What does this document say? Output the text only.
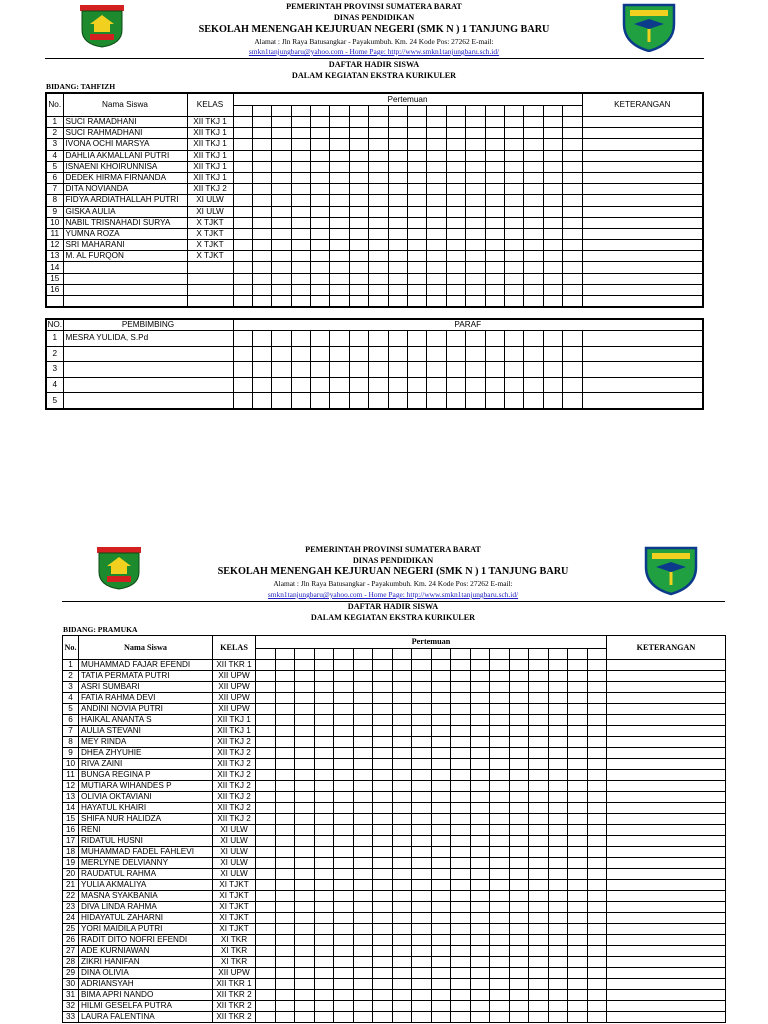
PEMERINTAH PROVINSI SUMATERA BARAT
DINAS PENDIDIKAN
SEKOLAH MENENGAH KEJURUAN NEGERI (SMK N ) 1 TANJUNG BARU
Alamat : Jln Raya Batusangkar - Payakumbuh. Km. 24 Kode Pos: 27262 E-mail:
smkn1tanjungbaru@yahoo.com - Home Page: http://www.smkn1tanjungbaru.sch.id/
DAFTAR HADIR SISWA
DALAM KEGIATAN EKSTRA KURIKULER
BIDANG: TAHFIZH
No.	Nama Siswa	KELAS	Pertemuan																		KETERANGAN

1	SUCI RAMADHANI	XII TKJ 1																			
2	SUCI RAHMADHANI	XII TKJ 1																			
3	IVONA OCHI MARSYA	XII TKJ 1																			
4	DAHLIA AKMALLANI PUTRI	XII TKJ 1																			
5	ISNAENI KHOIRUNNISA	XII TKJ 1																			
6	DEDEK HIRMA FIRNANDA	XII TKJ 1																			
7	DITA NOVIANDA	XII TKJ 2																			
8	FIDYA ARDIATHALLAH PUTRI	XI ULW																			
9	GISKA AULIA	XI ULW																			
10	NABIL TRISNAHADI SURYA	X TJKT																			
11	YUMNA ROZA	X TJKT																			
12	SRI MAHARANI	X TJKT																			
13	M. AL FURQON	X TJKT																			
14																					
15																					
16																					

NO.	PEMBIMBING	PARAF																		
1	MESRA YULIDA, S.Pd																			
2																				
3																				
4																				
5																				
PEMERINTAH PROVINSI SUMATERA BARAT
DINAS PENDIDIKAN
SEKOLAH MENENGAH KEJURUAN NEGERI (SMK N ) 1 TANJUNG BARU
Alamat : Jln Raya Batusangkar - Payakumbuh. Km. 24 Kode Pos: 27262 E-mail:
smkn1tanjungbaru@yahoo.com - Home Page: http://www.smkn1tanjungbaru.sch.id/
DAFTAR HADIR SISWA
DALAM KEGIATAN EKSTRA KURIKULER
BIDANG: PRAMUKA
No.	Nama Siswa	KELAS	Pertemuan																		KETERANGAN

1	MUHAMMAD FAJAR EFENDI	XII TKR 1																			
2	TATIA PERMATA PUTRI	XII UPW																			
3	ASRI SUMBARI	XII UPW																			
4	FATIA RAHMA DEVI	XII UPW																			
5	ANDINI NOVIA PUTRI	XII UPW																			
6	HAIKAL ANANTA S	XII TKJ 1																			
7	AULIA STEVANI	XII TKJ 1																			
8	MEY RINDA	XII TKJ 2																			
9	DHEA ZHYUHIE	XII TKJ 2																			
10	RIVA ZAINI	XII TKJ 2																			
11	BUNGA REGINA P	XII TKJ 2																			
12	MUTIARA WIHANDES P	XII TKJ 2																			
13	OLIVIA OKTAVIANI	XII TKJ 2																			
14	HAYATUL KHAIRI	XII TKJ 2																			
15	SHIFA NUR HALIDZA	XII TKJ 2																			
16	RENI	XI ULW																			
17	RIDATUL HUSNI	XI ULW																			
18	MUHAMMAD FADEL FAHLEVI	XI ULW																			
19	MERLYNE DELVIANNY	XI ULW																			
20	RAUDATUL RAHMA	XI ULW																			
21	YULIA AKMALIYA	XI TJKT																			
22	MASNA SYAKBANIA	XI TJKT																			
23	DIVA LINDA RAHMA	XI TJKT																			
24	HIDAYATUL ZAHARNI	XI TJKT																			
25	YORI MAIDILA PUTRI	XI TJKT																			
26	RADIT DITO NOFRI EFENDI	XI TKR																			
27	ADE KURNIAWAN	XI TKR																			
28	ZIKRI HANIFAN	XI TKR																			
29	DINA OLIVIA	XII UPW																			
30	ADRIANSYAH	XII TKR 1																			
31	BIMA APRI NANDO	XII TKR 2																			
32	HILMI GESELFA PUTRA	XII TKR 2																			
33	LAURA FALENTINA	XII TKR 2																			
